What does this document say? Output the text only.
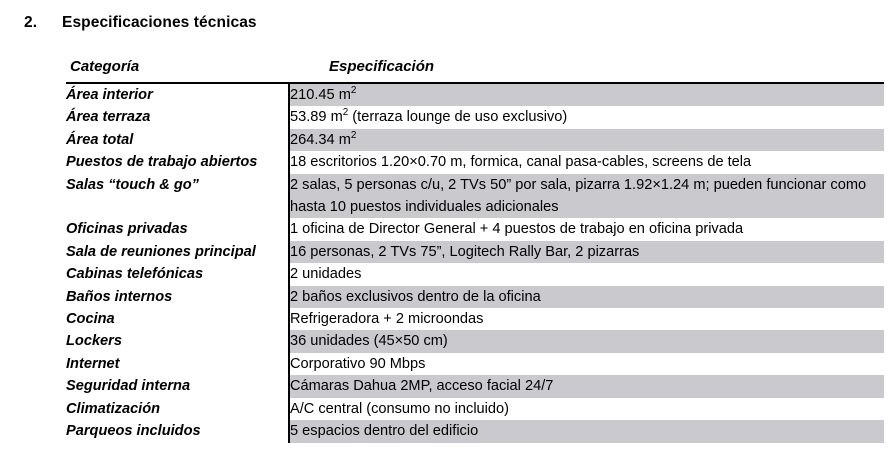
2.	Especificaciones técnicas
Categoría	Especificación
Área interior	210.45 $m^2$

Área terraza	53.89 $m^2$ (terraza lounge de uso exclusivo)

Área total	264.34 $m^2$

Puestos de trabajo abiertos	18 escritorios 1.20×0.70 m, formica, canal pasa-cables, screens de tela

Salas “touch & go”	2 salas, 5 personas c/u, 2 TVs 50” por sala, pizarra 1.92×1.24 m; pueden funcionar como hasta 10 puestos individuales adicionales

Oficinas privadas	1 oficina de Director General + 4 puestos de trabajo en oficina privada

Sala de reuniones principal	16 personas, 2 TVs 75”, Logitech Rally Bar, 2 pizarras

Cabinas telefónicas	2 unidades

Baños internos	2 baños exclusivos dentro de la oficina

Cocina	Refrigeradora + 2 microondas

Lockers	36 unidades (45×50 cm)

Internet	Corporativo 90 Mbps

Seguridad interna	Cámaras Dahua 2MP, acceso facial 24/7

Climatización	A/C central (consumo no incluido)

Parqueos incluidos	5 espacios dentro del edificio
